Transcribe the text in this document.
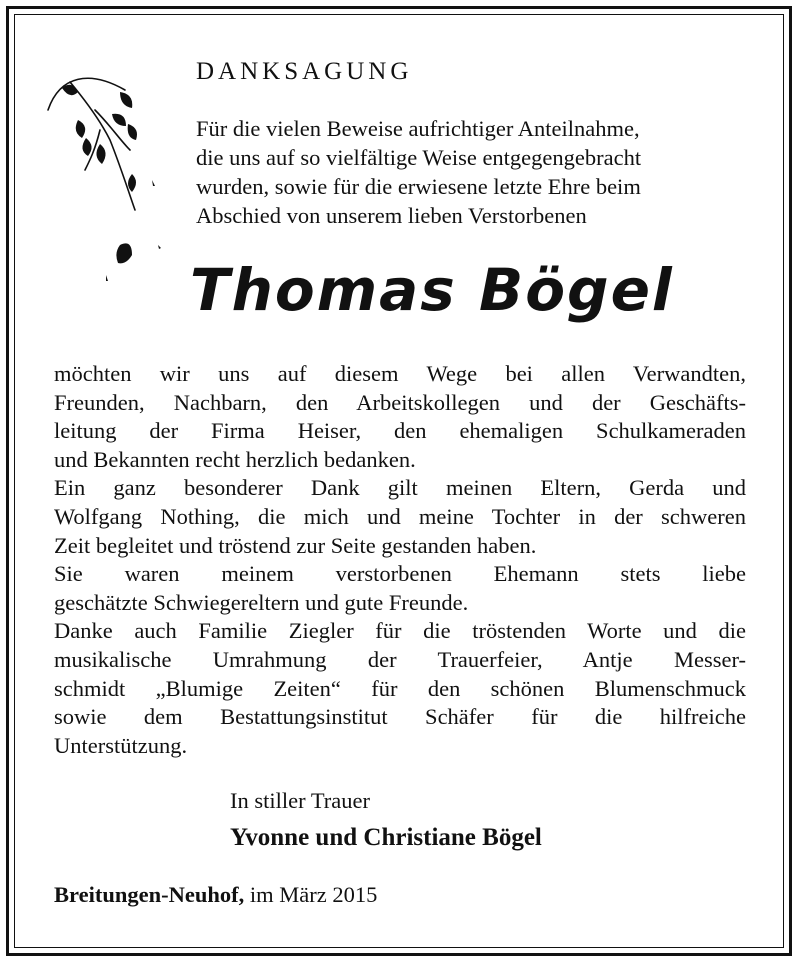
DANKSAGUNG

Für die vielen Beweise aufrichtiger Anteilnahme,
die uns auf so vielfältige Weise entgegengebracht
wurden, sowie für die erwiesene letzte Ehre beim
Abschied von unserem lieben Verstorbenen

Thomas Bögel

möchten wir uns auf diesem Wege bei allen Verwandten,
Freunden, Nachbarn, den Arbeitskollegen und der Geschäfts-
leitung der Firma Heiser, den ehemaligen Schulkameraden
und Bekannten recht herzlich bedanken.
Ein ganz besonderer Dank gilt meinen Eltern, Gerda und
Wolfgang Nothing, die mich und meine Tochter in der schweren
Zeit begleitet und tröstend zur Seite gestanden haben.
Sie waren meinem verstorbenen Ehemann stets liebe
geschätzte Schwiegereltern und gute Freunde.
Danke auch Familie Ziegler für die tröstenden Worte und die
musikalische Umrahmung der Trauerfeier, Antje Messer-
schmidt „Blumige Zeiten“ für den schönen Blumenschmuck
sowie dem Bestattungsinstitut Schäfer für die hilfreiche
Unterstützung.

In stiller Trauer

Yvonne und Christiane Bögel

Breitungen-Neuhof, im März 2015
